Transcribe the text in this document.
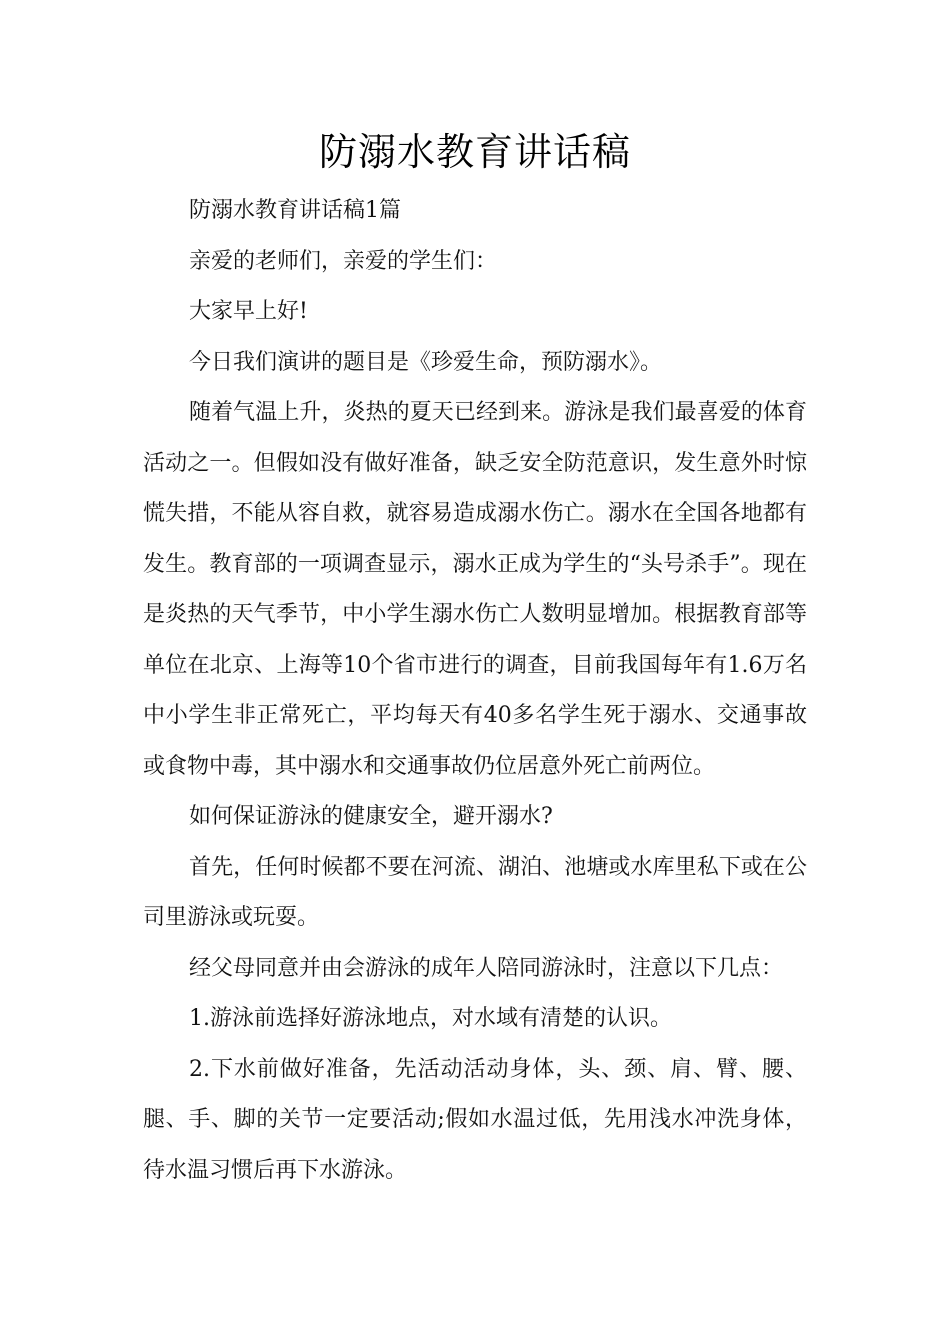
防溺水教育讲话稿

防溺水教育讲话稿1篇

亲爱的老师们，亲爱的学生们：

大家早上好!

今日我们演讲的题目是《珍爱生命，预防溺水》。

随着气温上升，炎热的夏天已经到来。游泳是我们最喜爱的体育活动之一。但假如没有做好准备，缺乏安全防范意识，发生意外时惊慌失措，不能从容自救，就容易造成溺水伤亡。溺水在全国各地都有发生。教育部的一项调查显示，溺水正成为学生的“头号杀手”。现在是炎热的天气季节，中小学生溺水伤亡人数明显增加。根据教育部等单位在北京、上海等10个省市进行的调查，目前我国每年有1.6万名中小学生非正常死亡，平均每天有40多名学生死于溺水、交通事故或食物中毒，其中溺水和交通事故仍位居意外死亡前两位。

如何保证游泳的健康安全，避开溺水?

首先，任何时候都不要在河流、湖泊、池塘或水库里私下或在公司里游泳或玩耍。

经父母同意并由会游泳的成年人陪同游泳时，注意以下几点：

1.游泳前选择好游泳地点，对水域有清楚的认识。

2.下水前做好准备，先活动活动身体，头、颈、肩、臂、腰、腿、手、脚的关节一定要活动;假如水温过低，先用浅水冲洗身体，待水温习惯后再下水游泳。
